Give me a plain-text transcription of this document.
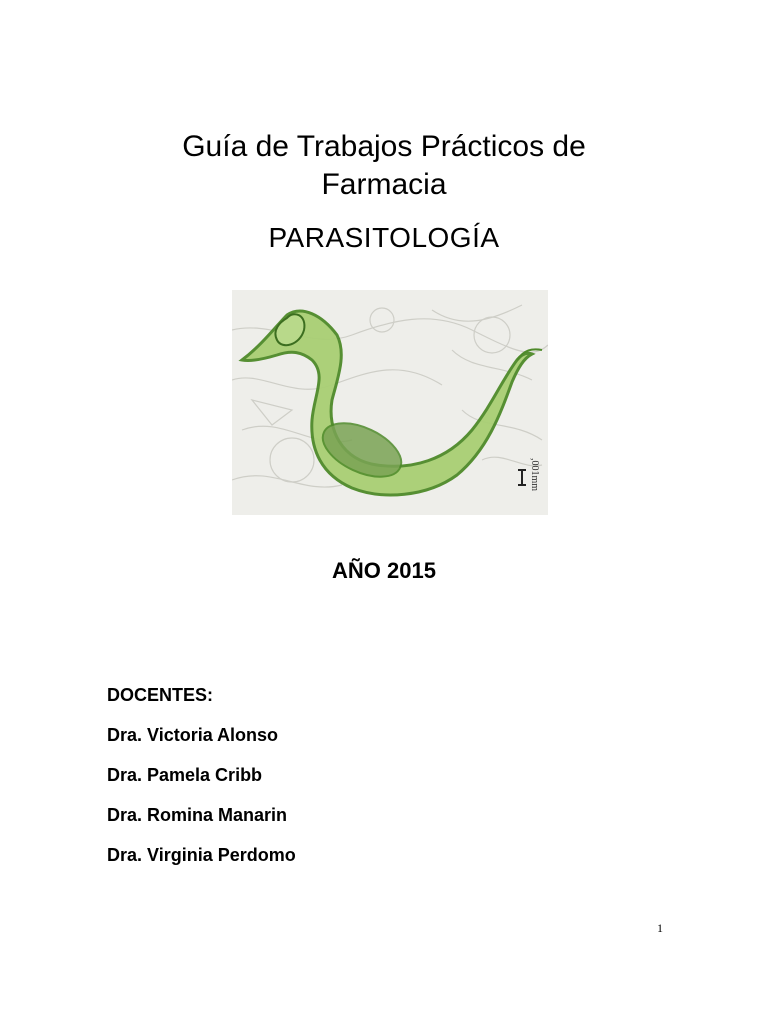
Guía de Trabajos Prácticos de
Farmacia
PARASITOLOGÍA
,001mm
AÑO 2015
DOCENTES:
Dra. Victoria Alonso
Dra. Pamela Cribb
Dra. Romina Manarin
Dra. Virginia Perdomo
1
